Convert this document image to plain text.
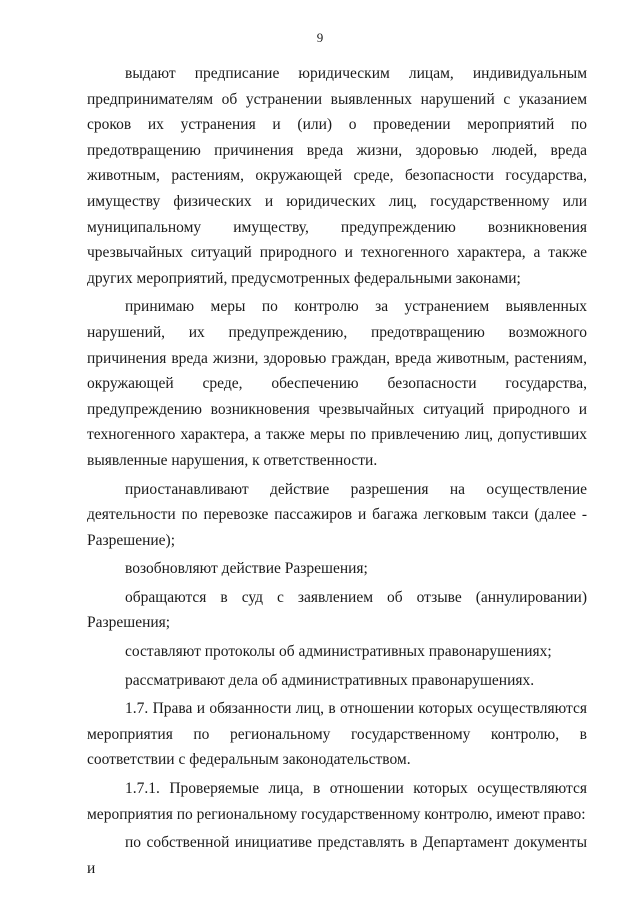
9

выдают предписание юридическим лицам, индивидуальным предпринимателям об устранении выявленных нарушений с указанием сроков их устранения и (или) о проведении мероприятий по предотвращению причинения вреда жизни, здоровью людей, вреда животным, растениям, окружающей среде, безопасности государства, имуществу физических и юридических лиц, государственному или муниципальному имуществу, предупреждению возникновения чрезвычайных ситуаций природного и техногенного характера, а также других мероприятий, предусмотренных федеральными законами;

принимаю меры по контролю за устранением выявленных нарушений, их предупреждению, предотвращению возможного причинения вреда жизни, здоровью граждан, вреда животным, растениям, окружающей среде, обеспечению безопасности государства, предупреждению возникновения чрезвычайных ситуаций природного и техногенного характера, а также меры по привлечению лиц, допустивших выявленные нарушения, к ответственности.

приостанавливают действие разрешения на осуществление деятельности по перевозке пассажиров и багажа легковым такси (далее - Разрешение);

возобновляют действие Разрешения;

обращаются в суд с заявлением об отзыве (аннулировании) Разрешения;

составляют протоколы об административных правонарушениях;

рассматривают дела об административных правонарушениях.

1.7. Права и обязанности лиц, в отношении которых осуществляются мероприятия по региональному государственному контролю, в соответствии с федеральным законодательством.

1.7.1. Проверяемые лица, в отношении которых осуществляются мероприятия по региональному государственному контролю, имеют право:

по собственной инициативе представлять в Департамент документы и
